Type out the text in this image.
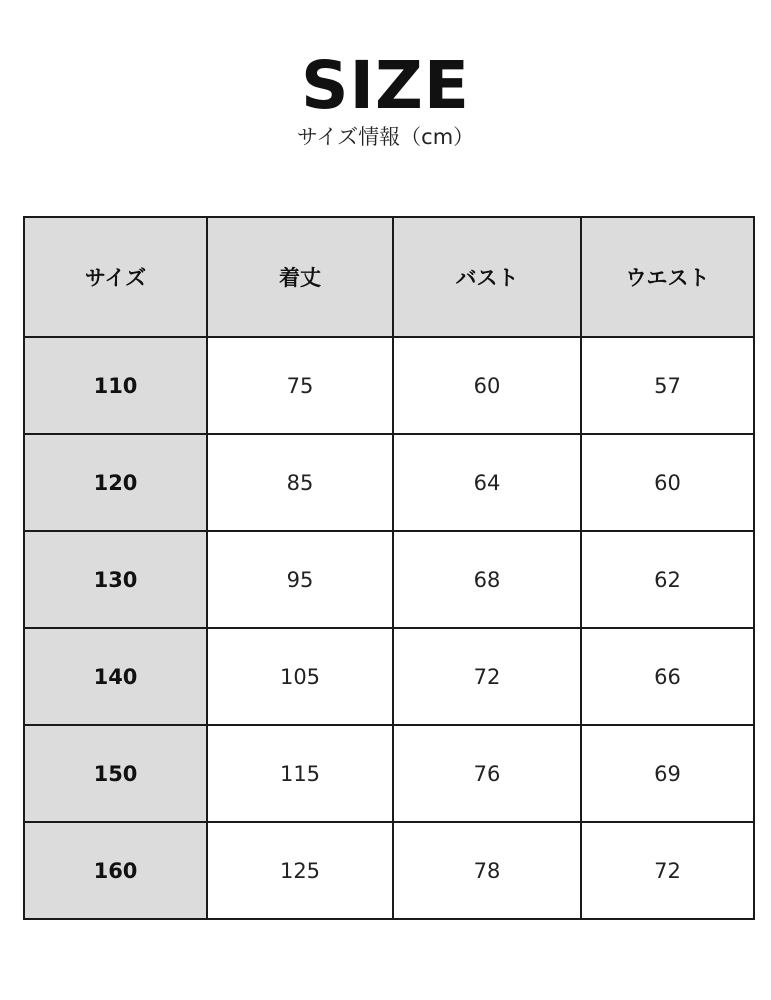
SIZE
サイズ情報（cm）
サイズ	着丈	バスト	ウエスト
110	75	60	57
120	85	64	60
130	95	68	62
140	105	72	66
150	115	76	69
160	125	78	72
